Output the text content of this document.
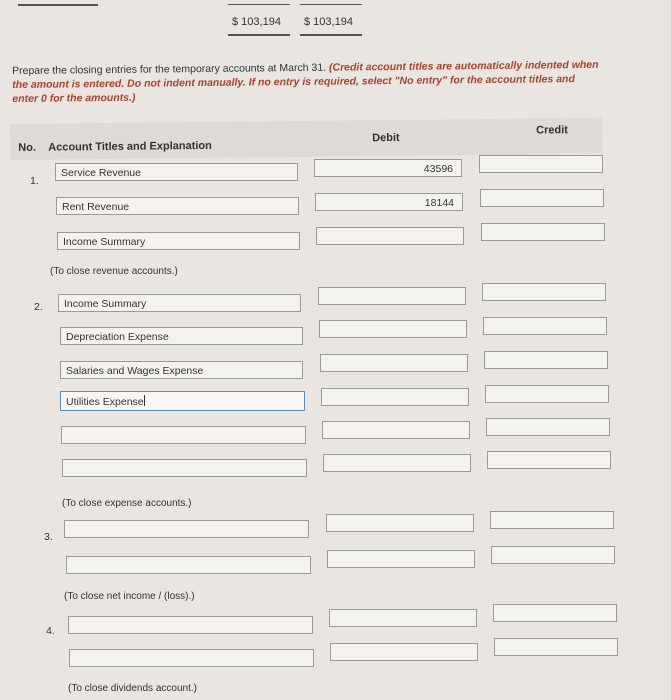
$ 103,194 $ 103,194
Prepare the closing entries for the temporary accounts at March 31. (Credit account titles are automatically indented when the amount is entered. Do not indent manually. If no entry is required, select "No entry" for the account titles and enter 0 for the amounts.)
No. Account Titles and Explanation
Debit
Credit
1.
Service Revenue	43596
Rent Revenue	18144
Income Summary
(To close revenue accounts.)
2.	Income Summary
Depreciation Expense
Salaries and Wages Expense
Utilities Expense
(To close expense accounts.)
3.
(To close net income / (loss).)
4.
(To close dividends account.)
